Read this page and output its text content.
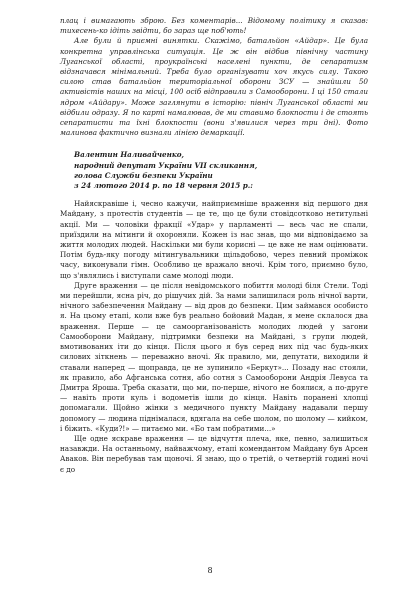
плац і вимагають зброю. Без коментарів... Відомому політику я сказав: тихесень-ко ідіть звідти, бо зараз ще поб'ють!

Але були й приємні винятки. Скажімо, батальйон «Айдар». Це була конкретна управлінська ситуація. Це ж він відбив північну частину Луганської області, проукраїнські населені пункти, де сепаратизм відзначався мінімальний. Треба було організувати хоч якусь силу. Такою силою став батальйон територіальної оборони ЗСУ — знайшли 50 активістів наших на місці, 100 осіб відправили з Самооборони. І ці 150 стали ядром «Айдару». Може заглянути в історію: північ Луганської області ми відбили одразу. Я по карті намалював, де ми ставимо блокпости і де стоять сепаратисти та їхні блокпости (вони з'явилися через три дні). Фото малинова фактично визнали лінією демаркації.

Валентин Наливайченко,
народний депутат України VII скликання,
голова Служби безпеки України
з 24 лютого 2014 р. по 18 червня 2015 р.:

Найяскравіше і, чесно кажучи, найприємніше враження від першого дня Майдану, з протестів студентів — це те, що це були стовідсотково нетитульні акції. Ми — чоловіки фракції «Удар» у парламенті — весь час не спали, приїздили на мітинги й охороняли. Кожен із нас знав, що ми відповідаємо за життя молодих людей. Наскільки ми були корисні — це вже не нам оцінювати. Потім будь-яку погоду мітингувальники щільдобово, через певний проміжок часу, виконували гімн. Особливо це вражало вночі. Крім того, приємно було, що з'являлись і виступали саме молоді люди.

Друге враження — це після невідомського побиття молоді біля Стели. Тоді ми перейшли, ясна річ, до рішучих дій. За нами залишилася роль нічної варти, нічного забезпечення Майдану — від дров до безпеки. Цим займався особисто я. На цьому етапі, коли вже був реально бойовий Мадан, я мене склалося два враження. Перше — це самоорганізованість молодих людей у загони Самооборони Майдану, підтримки безпеки на Майдані, з групи людей, вмотивованих іти до кінця. Після цього я був серед них під час будь-яких силових зіткнень — переважно вночі. Як правило, ми, депутати, виходили й ставали наперед — щоправда, це не зупинило «Беркут»... Позаду нас стояли, як правило, або Афганська сотня, або сотня з Самооборони Андрія Левуса та Дмитра Яроша. Треба сказати, що ми, по-перше, нічого не боялися, а по-друге — навіть проти куль і водометів ішли до кінця. Навіть поранені хлопці допомагали. Щойно жінки з медичного пункту Майдану надавали першу допомогу — людина піднімалася, вдягала на себе шолом, по шолому — кийком, і біжить. «Куди?!» — питаємо ми. «Бо там побратими...»

Ще одне яскраве враження — це відчуття плеча, яке, певно, залишиться назавжди. На останньому, найважчому, етапі комендантом Майдану був Арсен Аваков. Він перебував там щоночі. Я знаю, що о третій, о четвертій годині ночі є до

8
